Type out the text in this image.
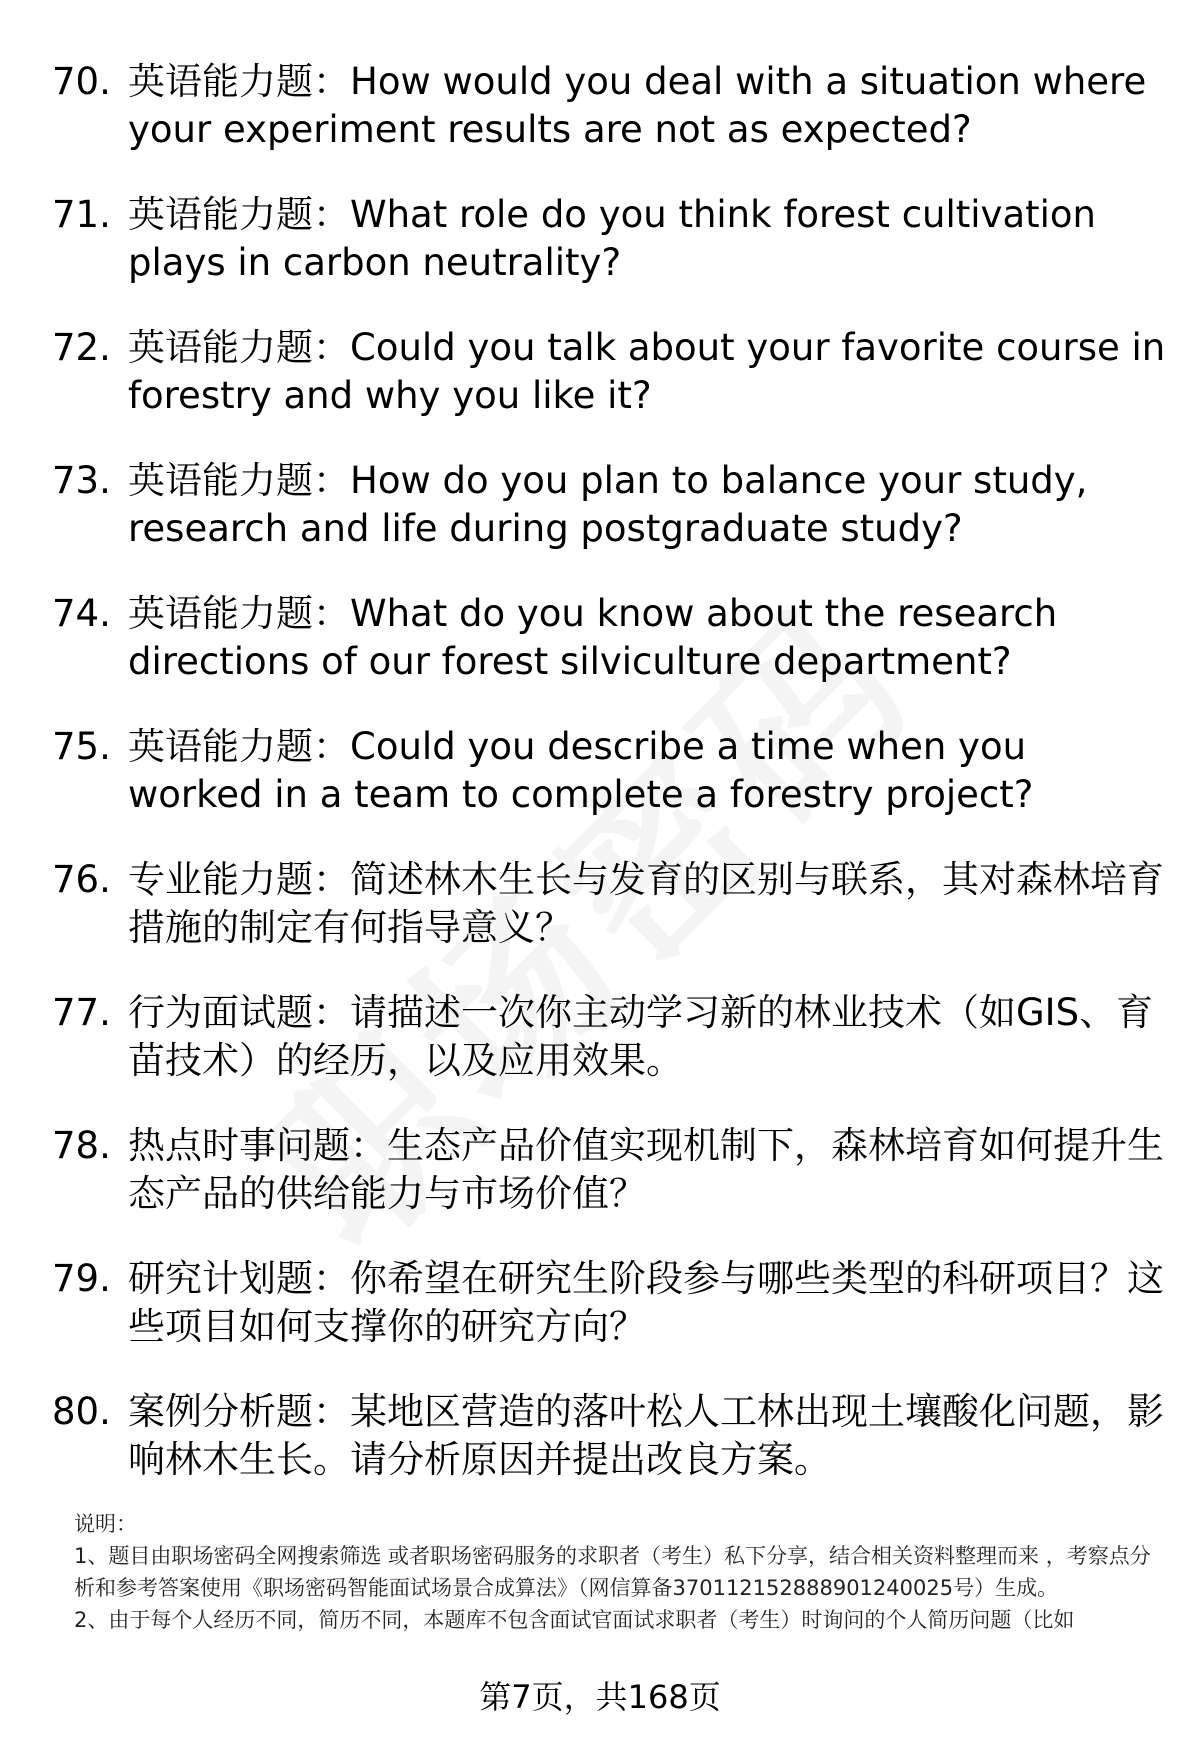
70. 英语能力题：How would you deal with a situation where your experiment results are not as expected?
71. 英语能力题：What role do you think forest cultivation plays in carbon neutrality?
72. 英语能力题：Could you talk about your favorite course in forestry and why you like it?
73. 英语能力题：How do you plan to balance your study, research and life during postgraduate study?
74. 英语能力题：What do you know about the research directions of our forest silviculture department?
75. 英语能力题：Could you describe a time when you worked in a team to complete a forestry project?
76. 专业能力题：简述林木生长与发育的区别与联系，其对森林培育措施的制定有何指导意义？
77. 行为面试题：请描述一次你主动学习新的林业技术（如GIS、育苗技术）的经历，以及应用效果。
78. 热点时事问题：生态产品价值实现机制下，森林培育如何提升生态产品的供给能力与市场价值？
79. 研究计划题：你希望在研究生阶段参与哪些类型的科研项目？这些项目如何支撑你的研究方向？
80. 案例分析题：某地区营造的落叶松人工林出现土壤酸化问题，影响林木生长。请分析原因并提出改良方案。

说明：

1、题目由职场密码全网搜索筛选 或者职场密码服务的求职者（考生）私下分享，结合相关资料整理而来 ，考察点分析和参考答案使用《职场密码智能面试场景合成算法》（网信算备370112152888901240025号）生成。

2、由于每个人经历不同，简历不同，本题库不包含面试官面试求职者（考生）时询问的个人简历问题（比如

第7页，共168页
